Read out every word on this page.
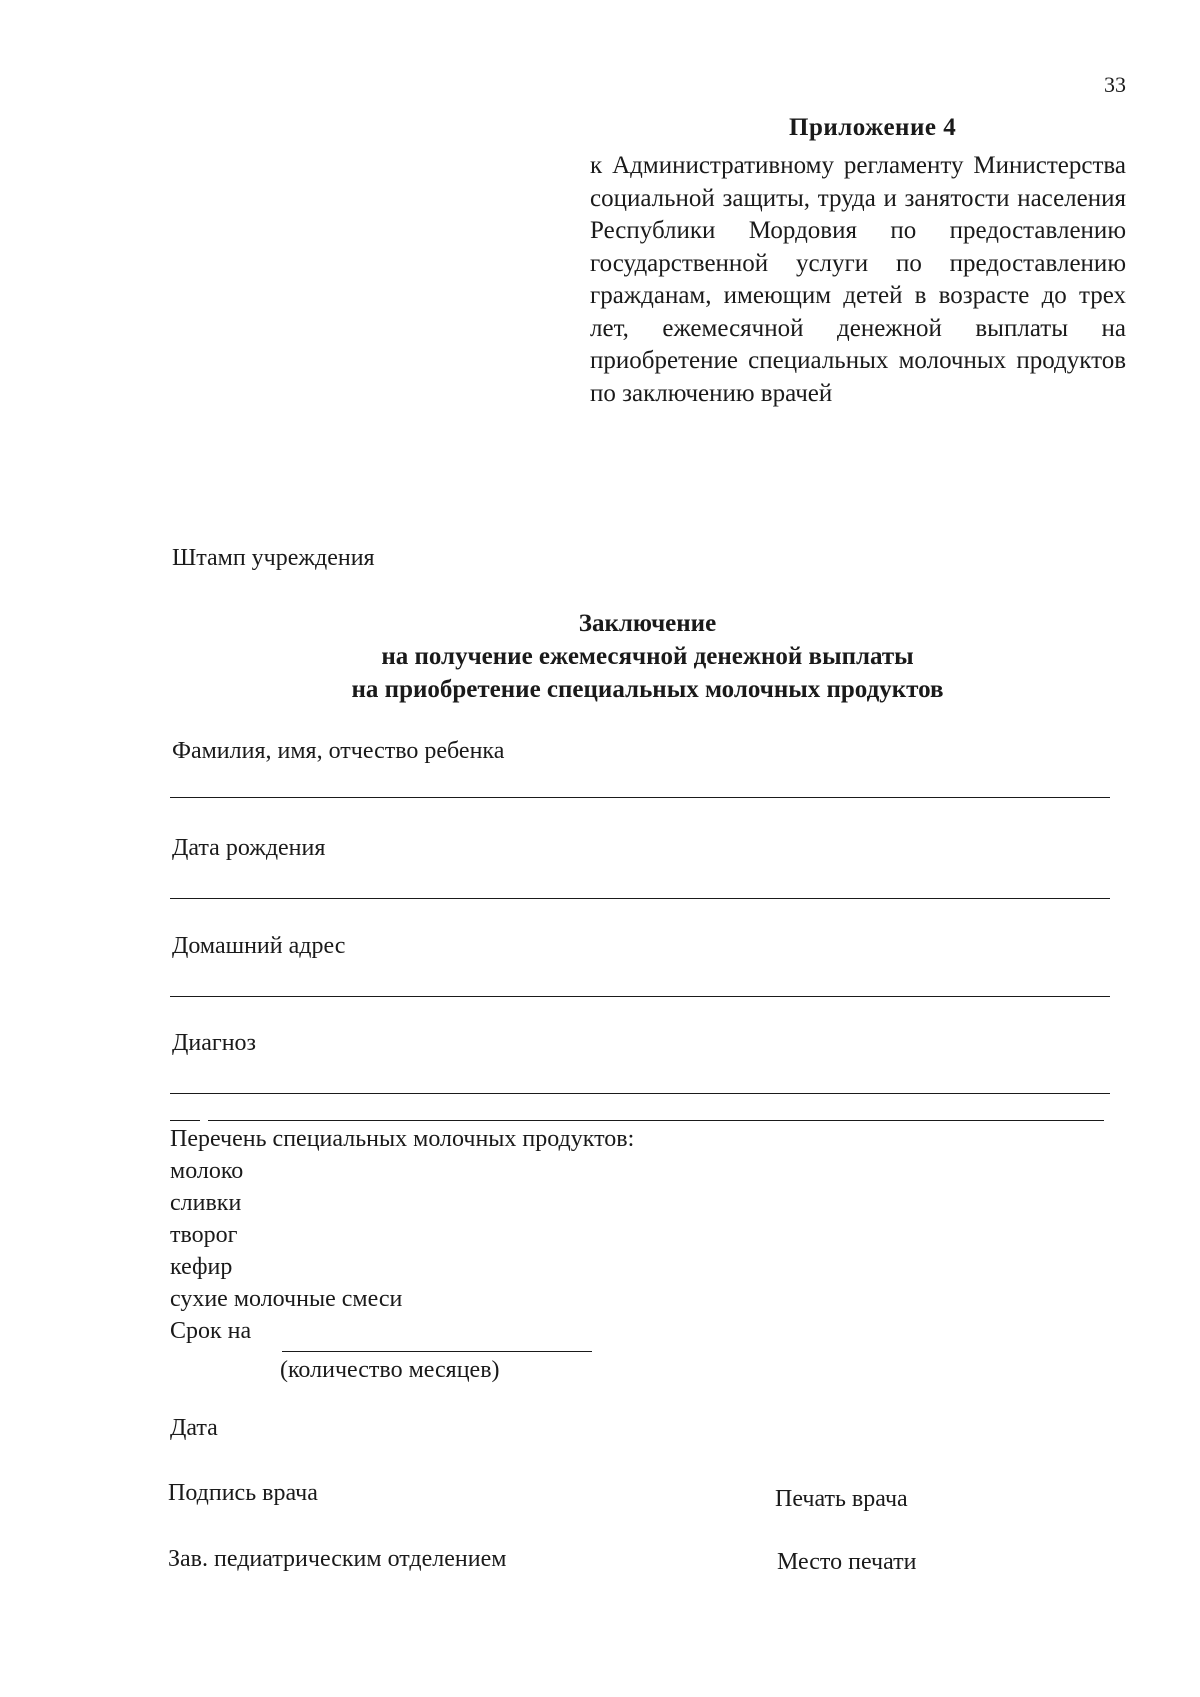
33
Приложение 4
к Административному регламенту Министерства социальной защиты, труда и занятости населения Республики Мордовия по предоставлению государственной услуги по предоставлению гражданам, имеющим детей в возрасте до трех лет, ежемесячной денежной выплаты на приобретение специальных молочных продуктов по заключению врачей
Штамп учреждения
Заключение
на получение ежемесячной денежной выплаты
на приобретение специальных молочных продуктов
Фамилия, имя, отчество ребенка
Дата рождения
Домашний адрес
Диагноз
Перечень специальных молочных продуктов:
молоко
сливки
творог
кефир
сухие молочные смеси
Срок на
(количество месяцев)
Дата
Подпись врача	Печать врача
Зав. педиатрическим отделением	Место печати
